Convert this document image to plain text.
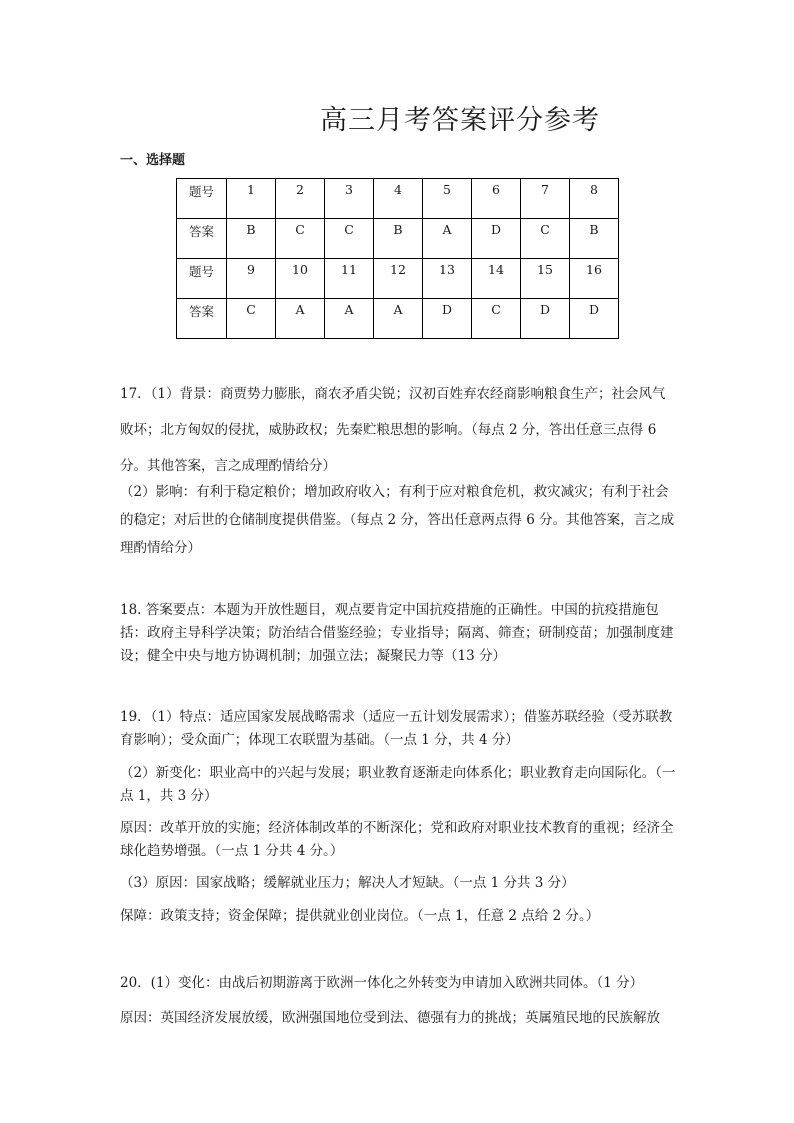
高三月考答案评分参考
一、选择题
题号	1	2	3	4	5	6	7	8
答案	B	C	C	B	A	D	C	B
题号	9	10	11	12	13	14	15	16
答案	C	A	A	A	D	C	D	D

17．（1）背景：商贾势力膨胀，商农矛盾尖锐；汉初百姓弃农经商影响粮食生产；社会风气败坏；北方匈奴的侵扰，威胁政权；先秦贮粮思想的影响。（每点 2 分，答出任意三点得 6 分。其他答案，言之成理酌情给分）

（2）影响：有利于稳定粮价；增加政府收入；有利于应对粮食危机，救灾减灾；有利于社会的稳定；对后世的仓储制度提供借鉴。（每点 2 分，答出任意两点得 6 分。其他答案，言之成理酌情给分）

18. 答案要点：本题为开放性题目，观点要肯定中国抗疫措施的正确性。中国的抗疫措施包括：政府主导科学决策；防治结合借鉴经验；专业指导；隔离、筛查；研制疫苗；加强制度建设；健全中央与地方协调机制；加强立法；凝聚民力等（13 分）

19．（1）特点：适应国家发展战略需求（适应一五计划发展需求）；借鉴苏联经验（受苏联教育影响）；受众面广；体现工农联盟为基础。（一点 1 分，共 4 分）

（2）新变化：职业高中的兴起与发展；职业教育逐渐走向体系化；职业教育走向国际化。（一点 1，共 3 分）

原因：改革开放的实施；经济体制改革的不断深化；党和政府对职业技术教育的重视；经济全球化趋势增强。（一点 1 分共 4 分。）

（3）原因：国家战略；缓解就业压力；解决人才短缺。（一点 1 分共 3 分）

保障：政策支持；资金保障；提供就业创业岗位。（一点 1，任意 2 点给 2 分。）

20．(1）变化：由战后初期游离于欧洲一体化之外转变为申请加入欧洲共同体。（1 分）

原因：英国经济发展放缓，欧洲强国地位受到法、德强有力的挑战；英属殖民地的民族解放
